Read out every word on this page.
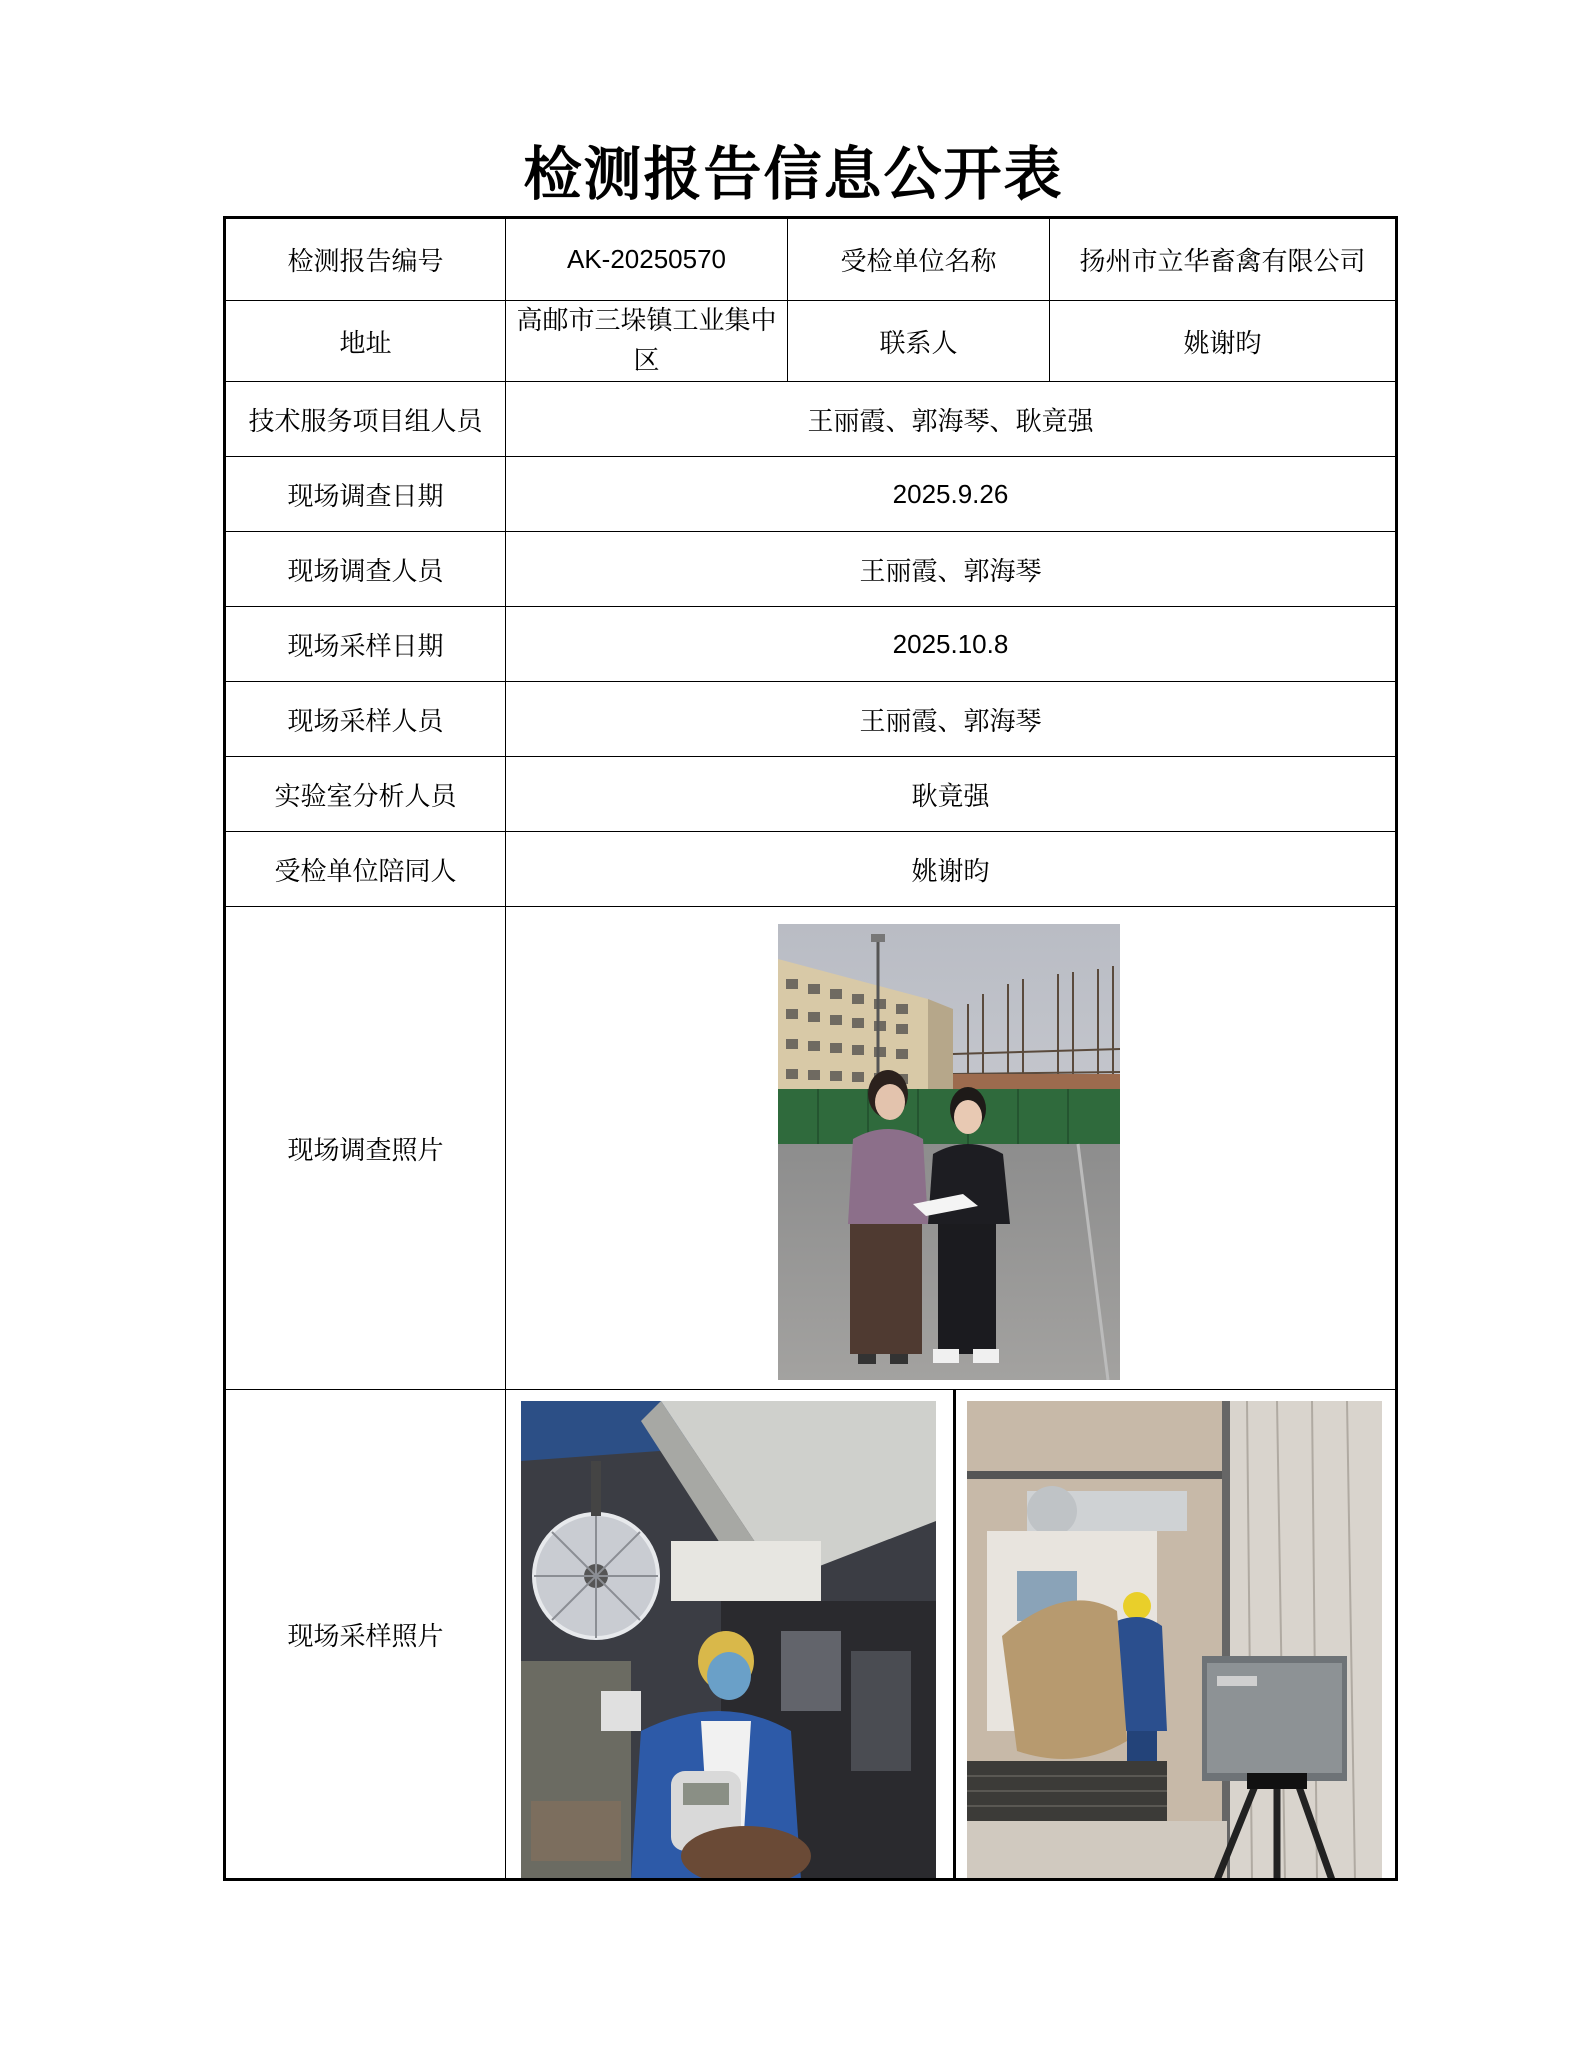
检测报告信息公开表
检测报告编号	AK-20250570	受检单位名称	扬州市立华畜禽有限公司
地址	高邮市三垛镇工业集中区	联系人	姚谢昀
技术服务项目组人员	王丽霞、郭海琴、耿竟强		
现场调查日期	2025.9.26		
现场调查人员	王丽霞、郭海琴		
现场采样日期	2025.10.8		
现场采样人员	王丽霞、郭海琴		
实验室分析人员	耿竟强		
受检单位陪同人	姚谢昀		
现场调查照片	

现场采样照片	
